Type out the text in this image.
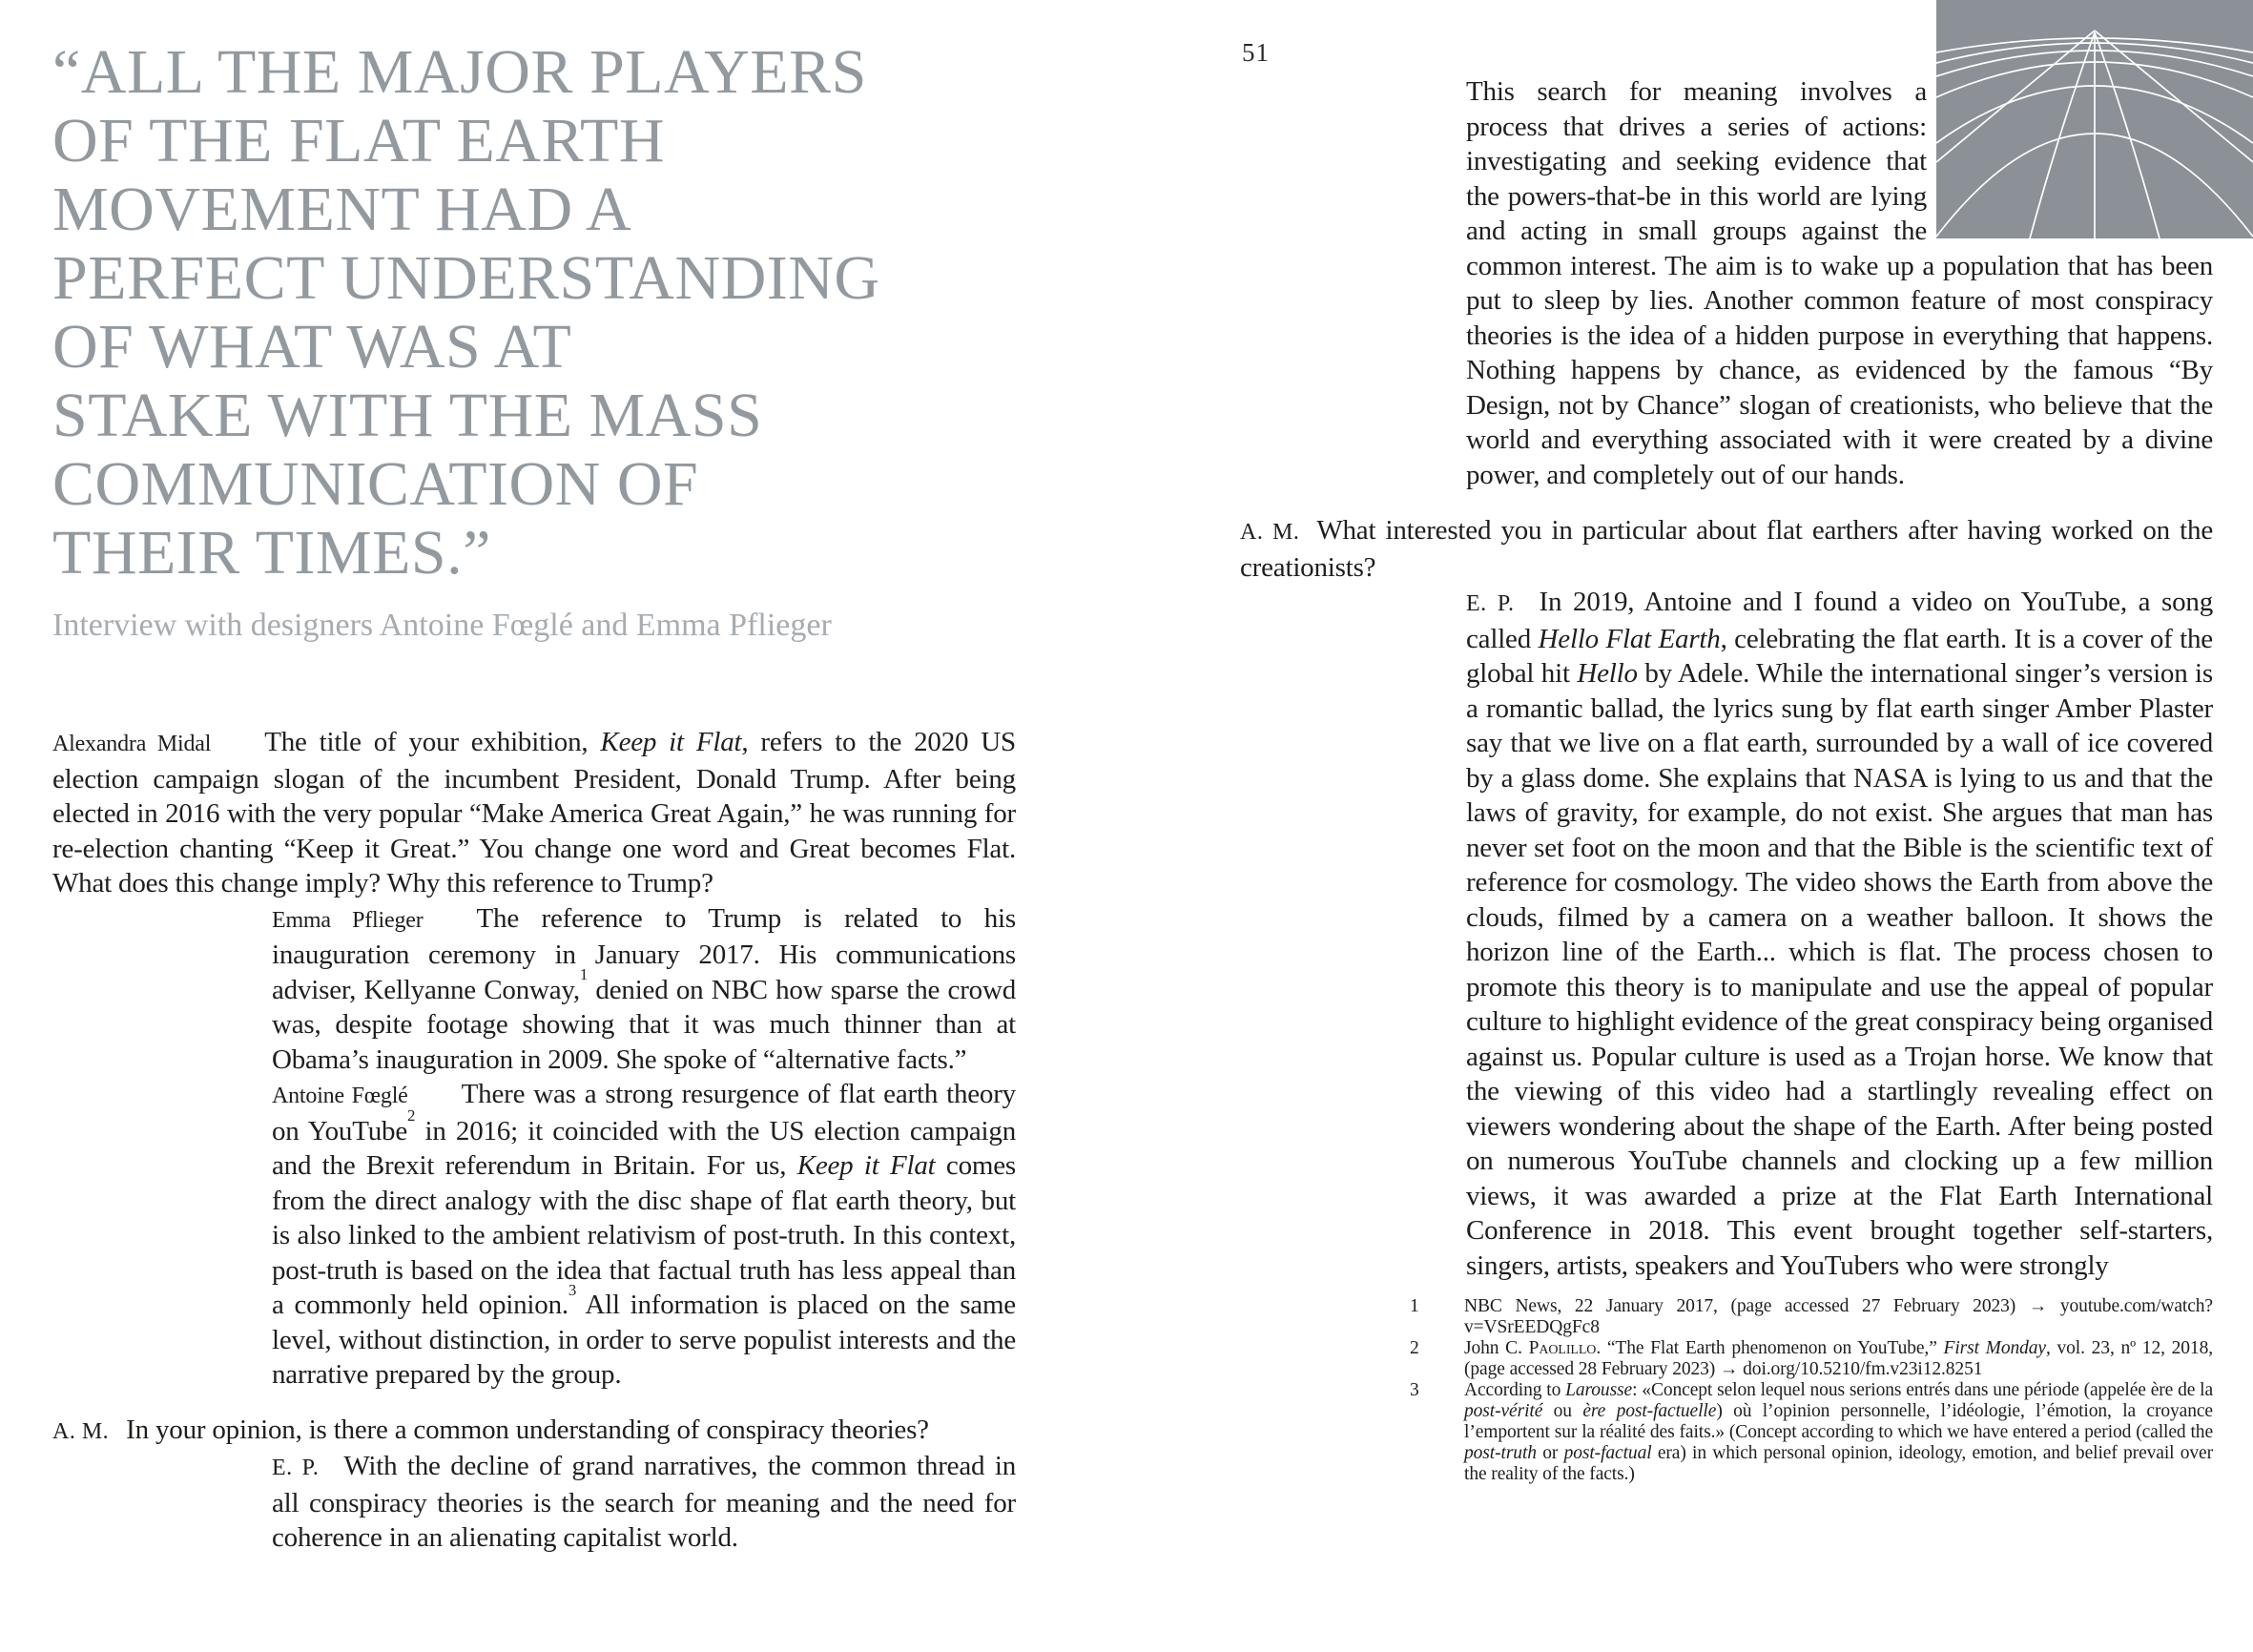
“ALL THE MAJOR PLAYERS
OF THE FLAT EARTH
MOVEMENT HAD A
PERFECT UNDERSTANDING
OF WHAT WAS AT
STAKE WITH THE MASS
COMMUNICATION OF
THEIR TIMES.”
Interview with designers Antoine Fœglé and Emma Pflieger

Alexandra Midal The title of your exhibition, Keep it Flat, refers to the 2020 US election campaign slogan of the incumbent President, Donald Trump. After being elected in 2016 with the very popular “Make America Great Again,” he was running for re-election chanting “Keep it Great.” You change one word and Great becomes Flat. What does this change imply? Why this reference to Trump?

Emma Pflieger The reference to Trump is related to his inauguration ceremony in January 2017. His communications adviser, Kellyanne Conway,$^1$ denied on NBC how sparse the crowd was, despite footage showing that it was much thinner than at Obama’s inauguration in 2009. She spoke of “alternative facts.”

Antoine Fœglé There was a strong resurgence of flat earth theory on YouTube$^2$ in 2016; it coincided with the US election campaign and the Brexit referendum in Britain. For us, Keep it Flat comes from the direct analogy with the disc shape of flat earth theory, but is also linked to the ambient relativism of post-truth. In this context, post-truth is based on the idea that factual truth has less appeal than a commonly held opinion.$^3$ All information is placed on the same level, without distinction, in order to serve populist interests and the narrative prepared by the group.

A. M. In your opinion, is there a common understanding of conspiracy theories?

E. P. With the decline of grand narratives, the common thread in all conspiracy theories is the search for meaning and the need for coherence in an alienating capitalist world.

51

This search for meaning involves a process that drives a series of actions: investigating and seeking evidence that the powers-that-be in this world are lying and acting in small groups against the common interest. The aim is to wake up a population that has been put to sleep by lies. Another common feature of most conspiracy theories is the idea of a hidden purpose in everything that happens. Nothing happens by chance, as evidenced by the famous “By Design, not by Chance” slogan of creationists, who believe that the world and everything associated with it were created by a divine power, and completely out of our hands.

A. M. What interested you in particular about flat earthers after having worked on the creationists?

E. P. In 2019, Antoine and I found a video on YouTube, a song called Hello Flat Earth, celebrating the flat earth. It is a cover of the global hit Hello by Adele. While the international singer’s version is a romantic ballad, the lyrics sung by flat earth singer Amber Plaster say that we live on a flat earth, surrounded by a wall of ice covered by a glass dome. She explains that NASA is lying to us and that the laws of gravity, for example, do not exist. She argues that man has never set foot on the moon and that the Bible is the scientific text of reference for cosmology. The video shows the Earth from above the clouds, filmed by a camera on a weather balloon. It shows the horizon line of the Earth... which is flat. The process chosen to promote this theory is to manipulate and use the appeal of popular culture to highlight evidence of the great conspiracy being organised against us. Popular culture is used as a Trojan horse. We know that the viewing of this video had a startlingly revealing effect on viewers wondering about the shape of the Earth. After being posted on numerous YouTube channels and clocking up a few million views, it was awarded a prize at the Flat Earth International Conference in 2018. This event brought together self-starters, singers, artists, speakers and YouTubers who were strongly

1	NBC News, 22 January 2017, (page accessed 27 February 2023) → youtube.com/watch?v=VSrEEDQgFc8
2	John C. Paolillo. “The Flat Earth phenomenon on YouTube,” First Monday, vol. 23, nº 12, 2018, (page accessed 28 February 2023) → doi.org/10.5210/fm.v23i12.8251
3	According to Larousse: «Concept selon lequel nous serions entrés dans une période (appelée ère de la post-vérité ou ère post-factuelle) où l’opinion personnelle, l’idéologie, l’émotion, la croyance l’emportent sur la réalité des faits.» (Concept according to which we have entered a period (called the post-truth or post-factual era) in which personal opinion, ideology, emotion, and belief prevail over the reality of the facts.)
